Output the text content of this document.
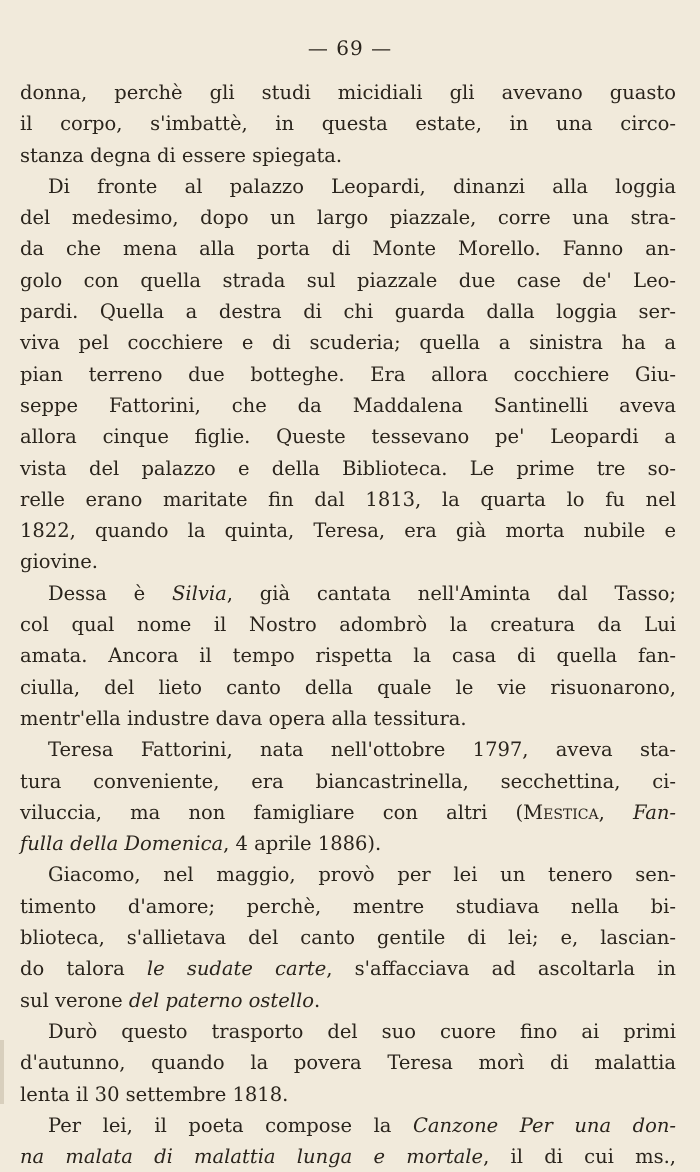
— 69 —
donna, perchè gli studi micidiali gli avevano guasto
il corpo, s'imbattè, in questa estate, in una circo-
stanza degna di essere spiegata.
Di fronte al palazzo Leopardi, dinanzi alla loggia
del medesimo, dopo un largo piazzale, corre una stra-
da che mena alla porta di Monte Morello. Fanno an-
golo con quella strada sul piazzale due case de' Leo-
pardi. Quella a destra di chi guarda dalla loggia ser-
viva pel cocchiere e di scuderia; quella a sinistra ha a
pian terreno due botteghe. Era allora cocchiere Giu-
seppe Fattorini, che da Maddalena Santinelli aveva
allora cinque figlie. Queste tessevano pe' Leopardi a
vista del palazzo e della Biblioteca. Le prime tre so-
relle erano maritate fin dal 1813, la quarta lo fu nel
1822, quando la quinta, Teresa, era già morta nubile e
giovine.
Dessa è Silvia, già cantata nell'Aminta dal Tasso;
col qual nome il Nostro adombrò la creatura da Lui
amata. Ancora il tempo rispetta la casa di quella fan-
ciulla, del lieto canto della quale le vie risuonarono,
mentr'ella industre dava opera alla tessitura.
Teresa Fattorini, nata nell'ottobre 1797, aveva sta-
tura conveniente, era biancastrinella, secchettina, ci-
viluccia, ma non famigliare con altri (Mestica, Fan-
fulla della Domenica, 4 aprile 1886).
Giacomo, nel maggio, provò per lei un tenero sen-
timento d'amore; perchè, mentre studiava nella bi-
blioteca, s'allietava del canto gentile di lei; e, lascian-
do talora le sudate carte, s'affacciava ad ascoltarla in
sul verone del paterno ostello.
Durò questo trasporto del suo cuore fino ai primi
d'autunno, quando la povera Teresa morì di malattia
lenta il 30 settembre 1818.
Per lei, il poeta compose la Canzone Per una don-
na malata di malattia lunga e mortale, il di cui ms.,
